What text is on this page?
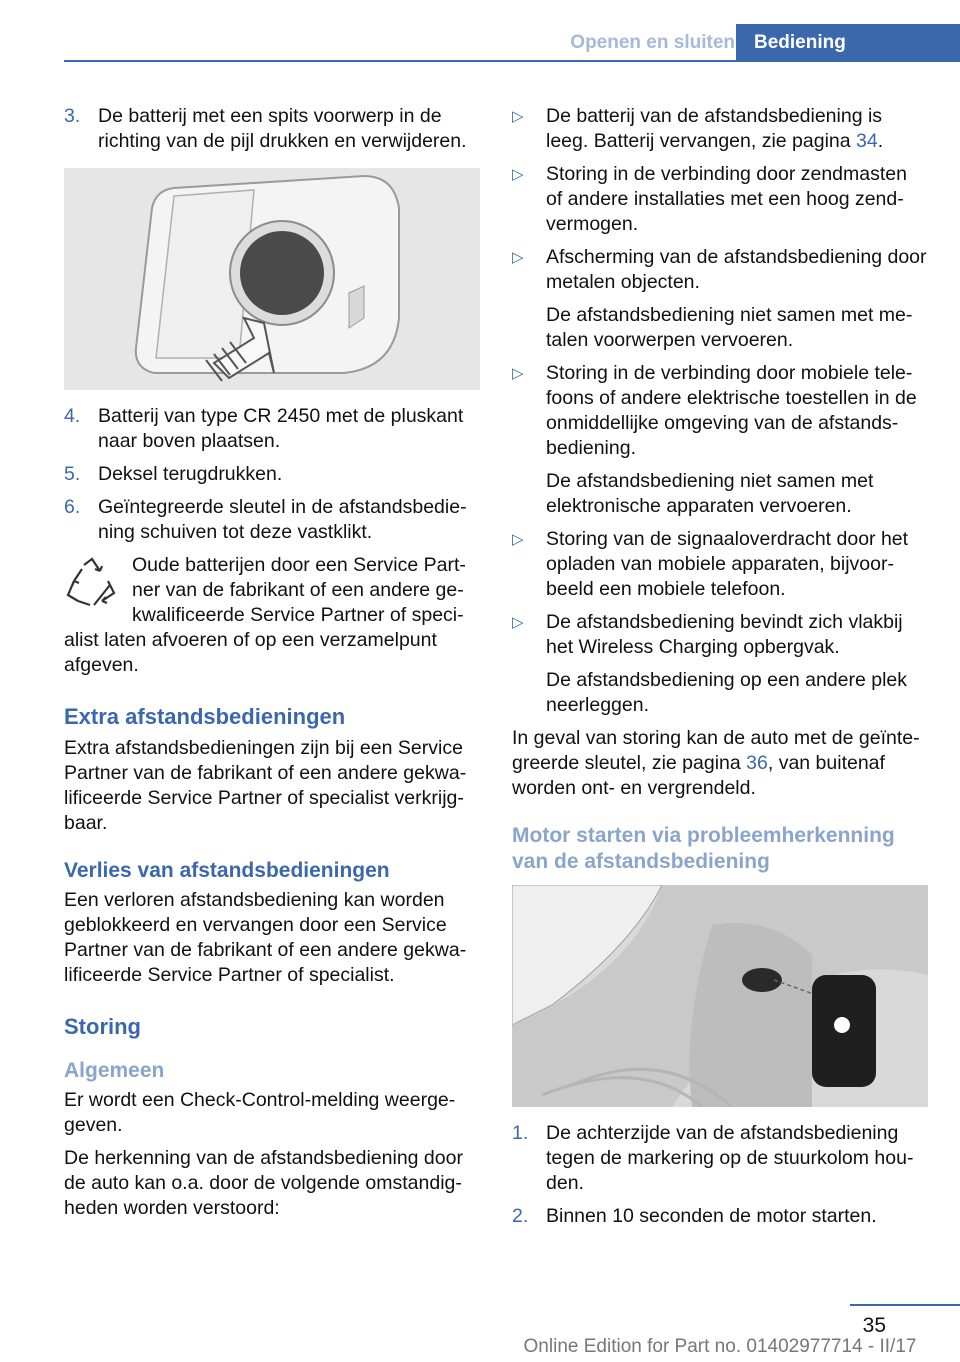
Openen en sluiten	Bediening
3. De batterij met een spits voorwerp in de richting van de pijl drukken en verwijderen.
4. Batterij van type CR 2450 met de pluskant naar boven plaatsen.
5. Deksel terugdrukken.
6. Geïntegreerde sleutel in de afstandsbediening schuiven tot deze vastklikt.
Oude batterijen door een Service Partner van de fabrikant of een andere gekwalificeerde Service Partner of specialist laten afvoeren of op een verzamelpunt afgeven.
Extra afstandsbedieningen

Extra afstandsbedieningen zijn bij een Service Partner van de fabrikant of een andere gekwalificeerde Service Partner of specialist verkrijgbaar.

Verlies van afstandsbedieningen

Een verloren afstandsbediening kan worden geblokkeerd en vervangen door een Service Partner van de fabrikant of een andere gekwalificeerde Service Partner of specialist.

Storing
Algemeen

Er wordt een Check-Control-melding weergegeven.

De herkenning van de afstandsbediening door de auto kan o.a. door de volgende omstandigheden worden verstoord:

▷	De batterij van de afstandsbediening is leeg. Batterij vervangen, zie pagina 34.
▷	Storing in de verbinding door zendmasten of andere installaties met een hoog zendvermogen.
▷	Afscherming van de afstandsbediening door metalen objecten.

De afstandsbediening niet samen met metalen voorwerpen vervoeren.

▷	Storing in de verbinding door mobiele telefoons of andere elektrische toestellen in de onmiddellijke omgeving van de afstandsbediening.

De afstandsbediening niet samen met elektronische apparaten vervoeren.

▷	Storing van de signaaloverdracht door het opladen van mobiele apparaten, bijvoorbeeld een mobiele telefoon.
▷	De afstandsbediening bevindt zich vlakbij het Wireless Charging opbergvak.

De afstandsbediening op een andere plek neerleggen.

In geval van storing kan de auto met de geïntegreerde sleutel, zie pagina 36, van buitenaf worden ont- en vergrendeld.

Motor starten via probleemherkenning van de afstandsbediening
1. De achterzijde van de afstandsbediening tegen de markering op de stuurkolom houden.
2. Binnen 10 seconden de motor starten.
35
Online Edition for Part no. 01402977714 - II/17
